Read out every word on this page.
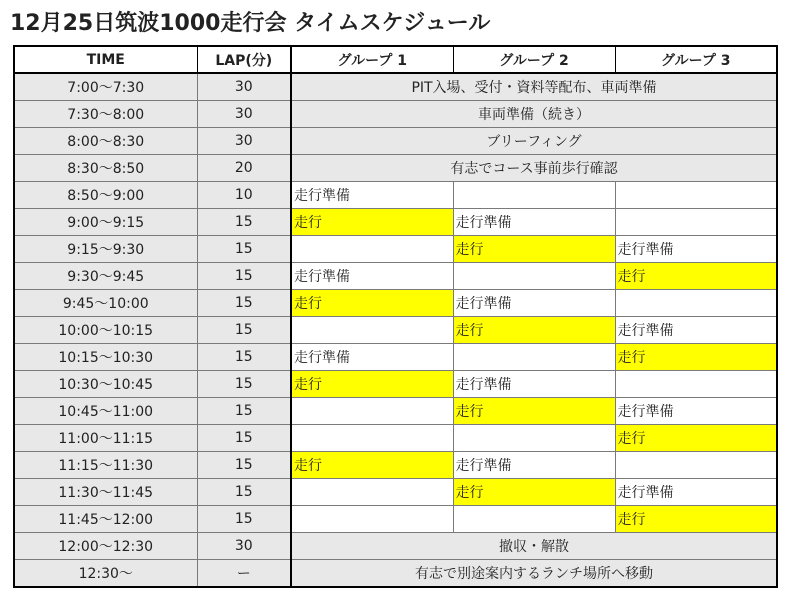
12月25日筑波1000走行会 タイムスケジュール
TIME	LAP(分)	グループ 1	グループ 2	グループ 3
7:00〜7:30	30	PIT入場、受付・資料等配布、車両準備		
7:30〜8:00	30	車両準備（続き）		
8:00〜8:30	30	ブリーフィング		
8:30〜8:50	20	有志でコース事前歩行確認		
8:50〜9:00	10	走行準備		
9:00〜9:15	15	走行	走行準備	
9:15〜9:30	15		走行	走行準備
9:30〜9:45	15	走行準備		走行
9:45〜10:00	15	走行	走行準備	
10:00〜10:15	15		走行	走行準備
10:15〜10:30	15	走行準備		走行
10:30〜10:45	15	走行	走行準備	
10:45〜11:00	15		走行	走行準備
11:00〜11:15	15			走行
11:15〜11:30	15	走行	走行準備	
11:30〜11:45	15		走行	走行準備
11:45〜12:00	15			走行
12:00〜12:30	30	撤収・解散		
12:30〜	ー	有志で別途案内するランチ場所へ移動		
